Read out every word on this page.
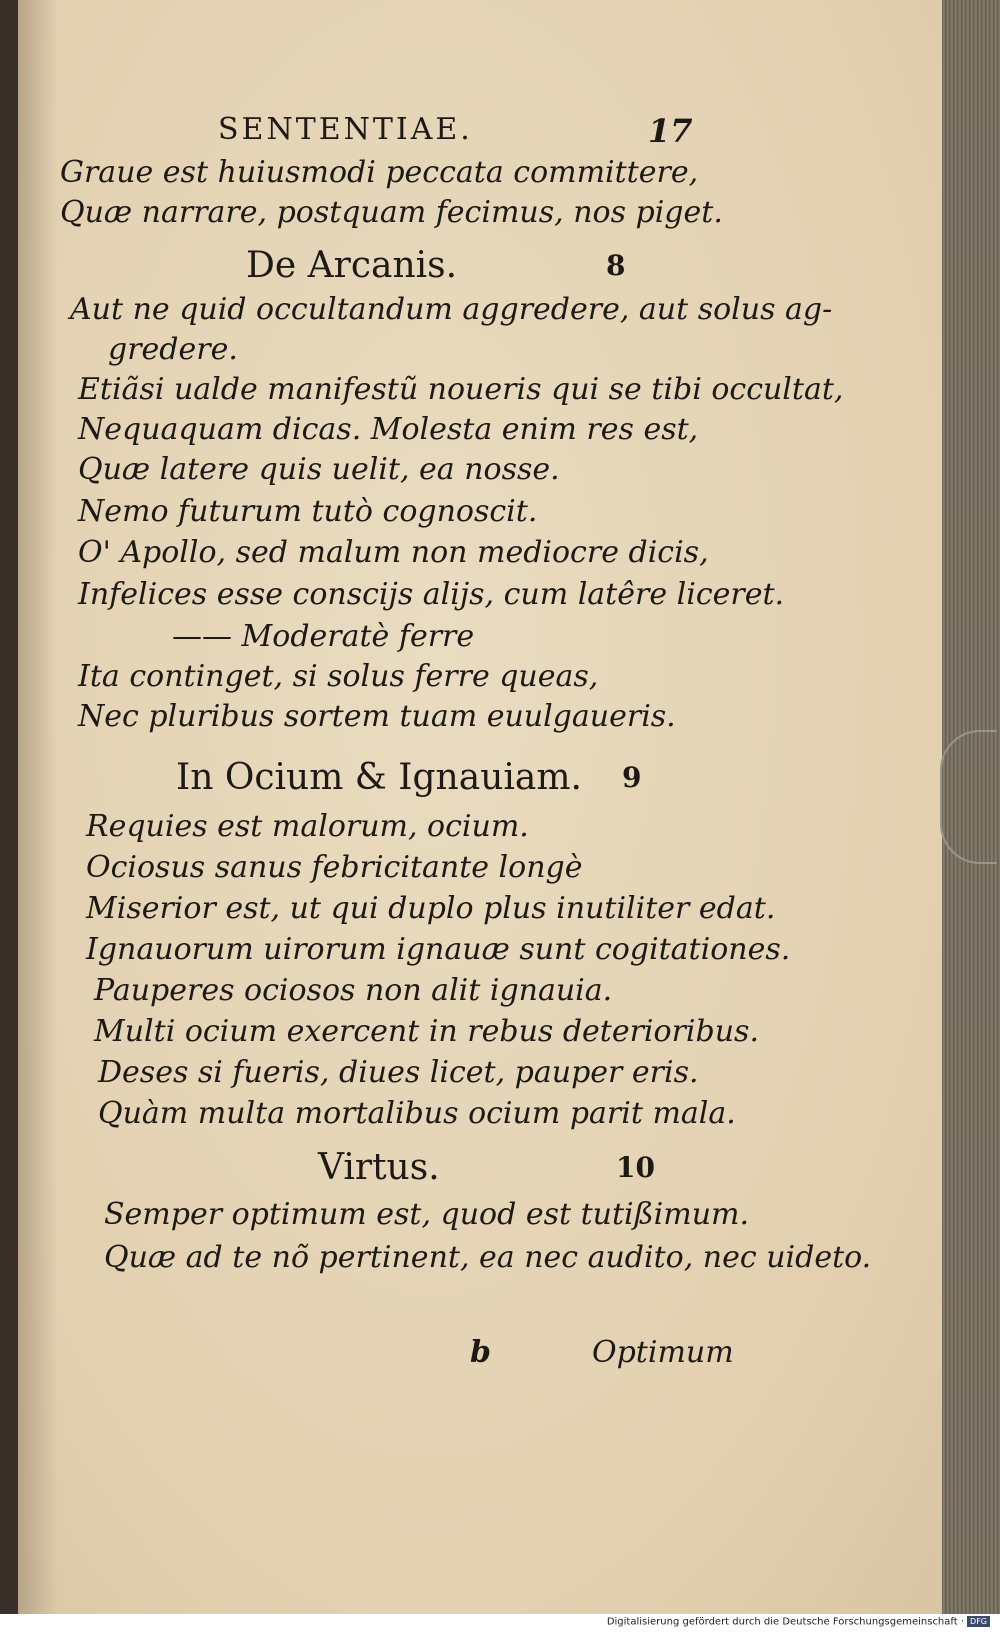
SENTENTIAE.	17
Graue est huiusmodi peccata committere,
Quæ narrare, postquam fecimus, nos piget.
De Arcanis.	8
Aut ne quid occultandum aggredere, aut solus ag-
gredere.
Etiãsi ualde manifestũ noueris qui se tibi occultat,
Nequaquam dicas. Molesta enim res est,
Quæ latere quis uelit, ea nosse.
Nemo futurum tutò cognoscit.
O' Apollo, sed malum non mediocre dicis,
Infelices esse conscijs alijs, cum latêre liceret.
—— Moderatè ferre
Ita continget, si solus ferre queas,
Nec pluribus sortem tuam euulgaueris.
In Ocium & Ignauiam. 9
Requies est malorum, ocium.
Ociosus sanus febricitante longè
Miserior est, ut qui duplo plus inutiliter edat.
Ignauorum uirorum ignauæ sunt cogitationes.
Pauperes ociosos non alit ignauia.
Multi ocium exercent in rebus deterioribus.
Deses si fueris, diues licet, pauper eris.
Quàm multa mortalibus ocium parit mala.
Virtus.	10
Semper optimum est, quod est tutißimum.
Quæ ad te nõ pertinent, ea nec audito, nec uideto.
b	Optimum
Digitalisierung gefördert durch die Deutsche Forschungsgemeinschaft · DFG
